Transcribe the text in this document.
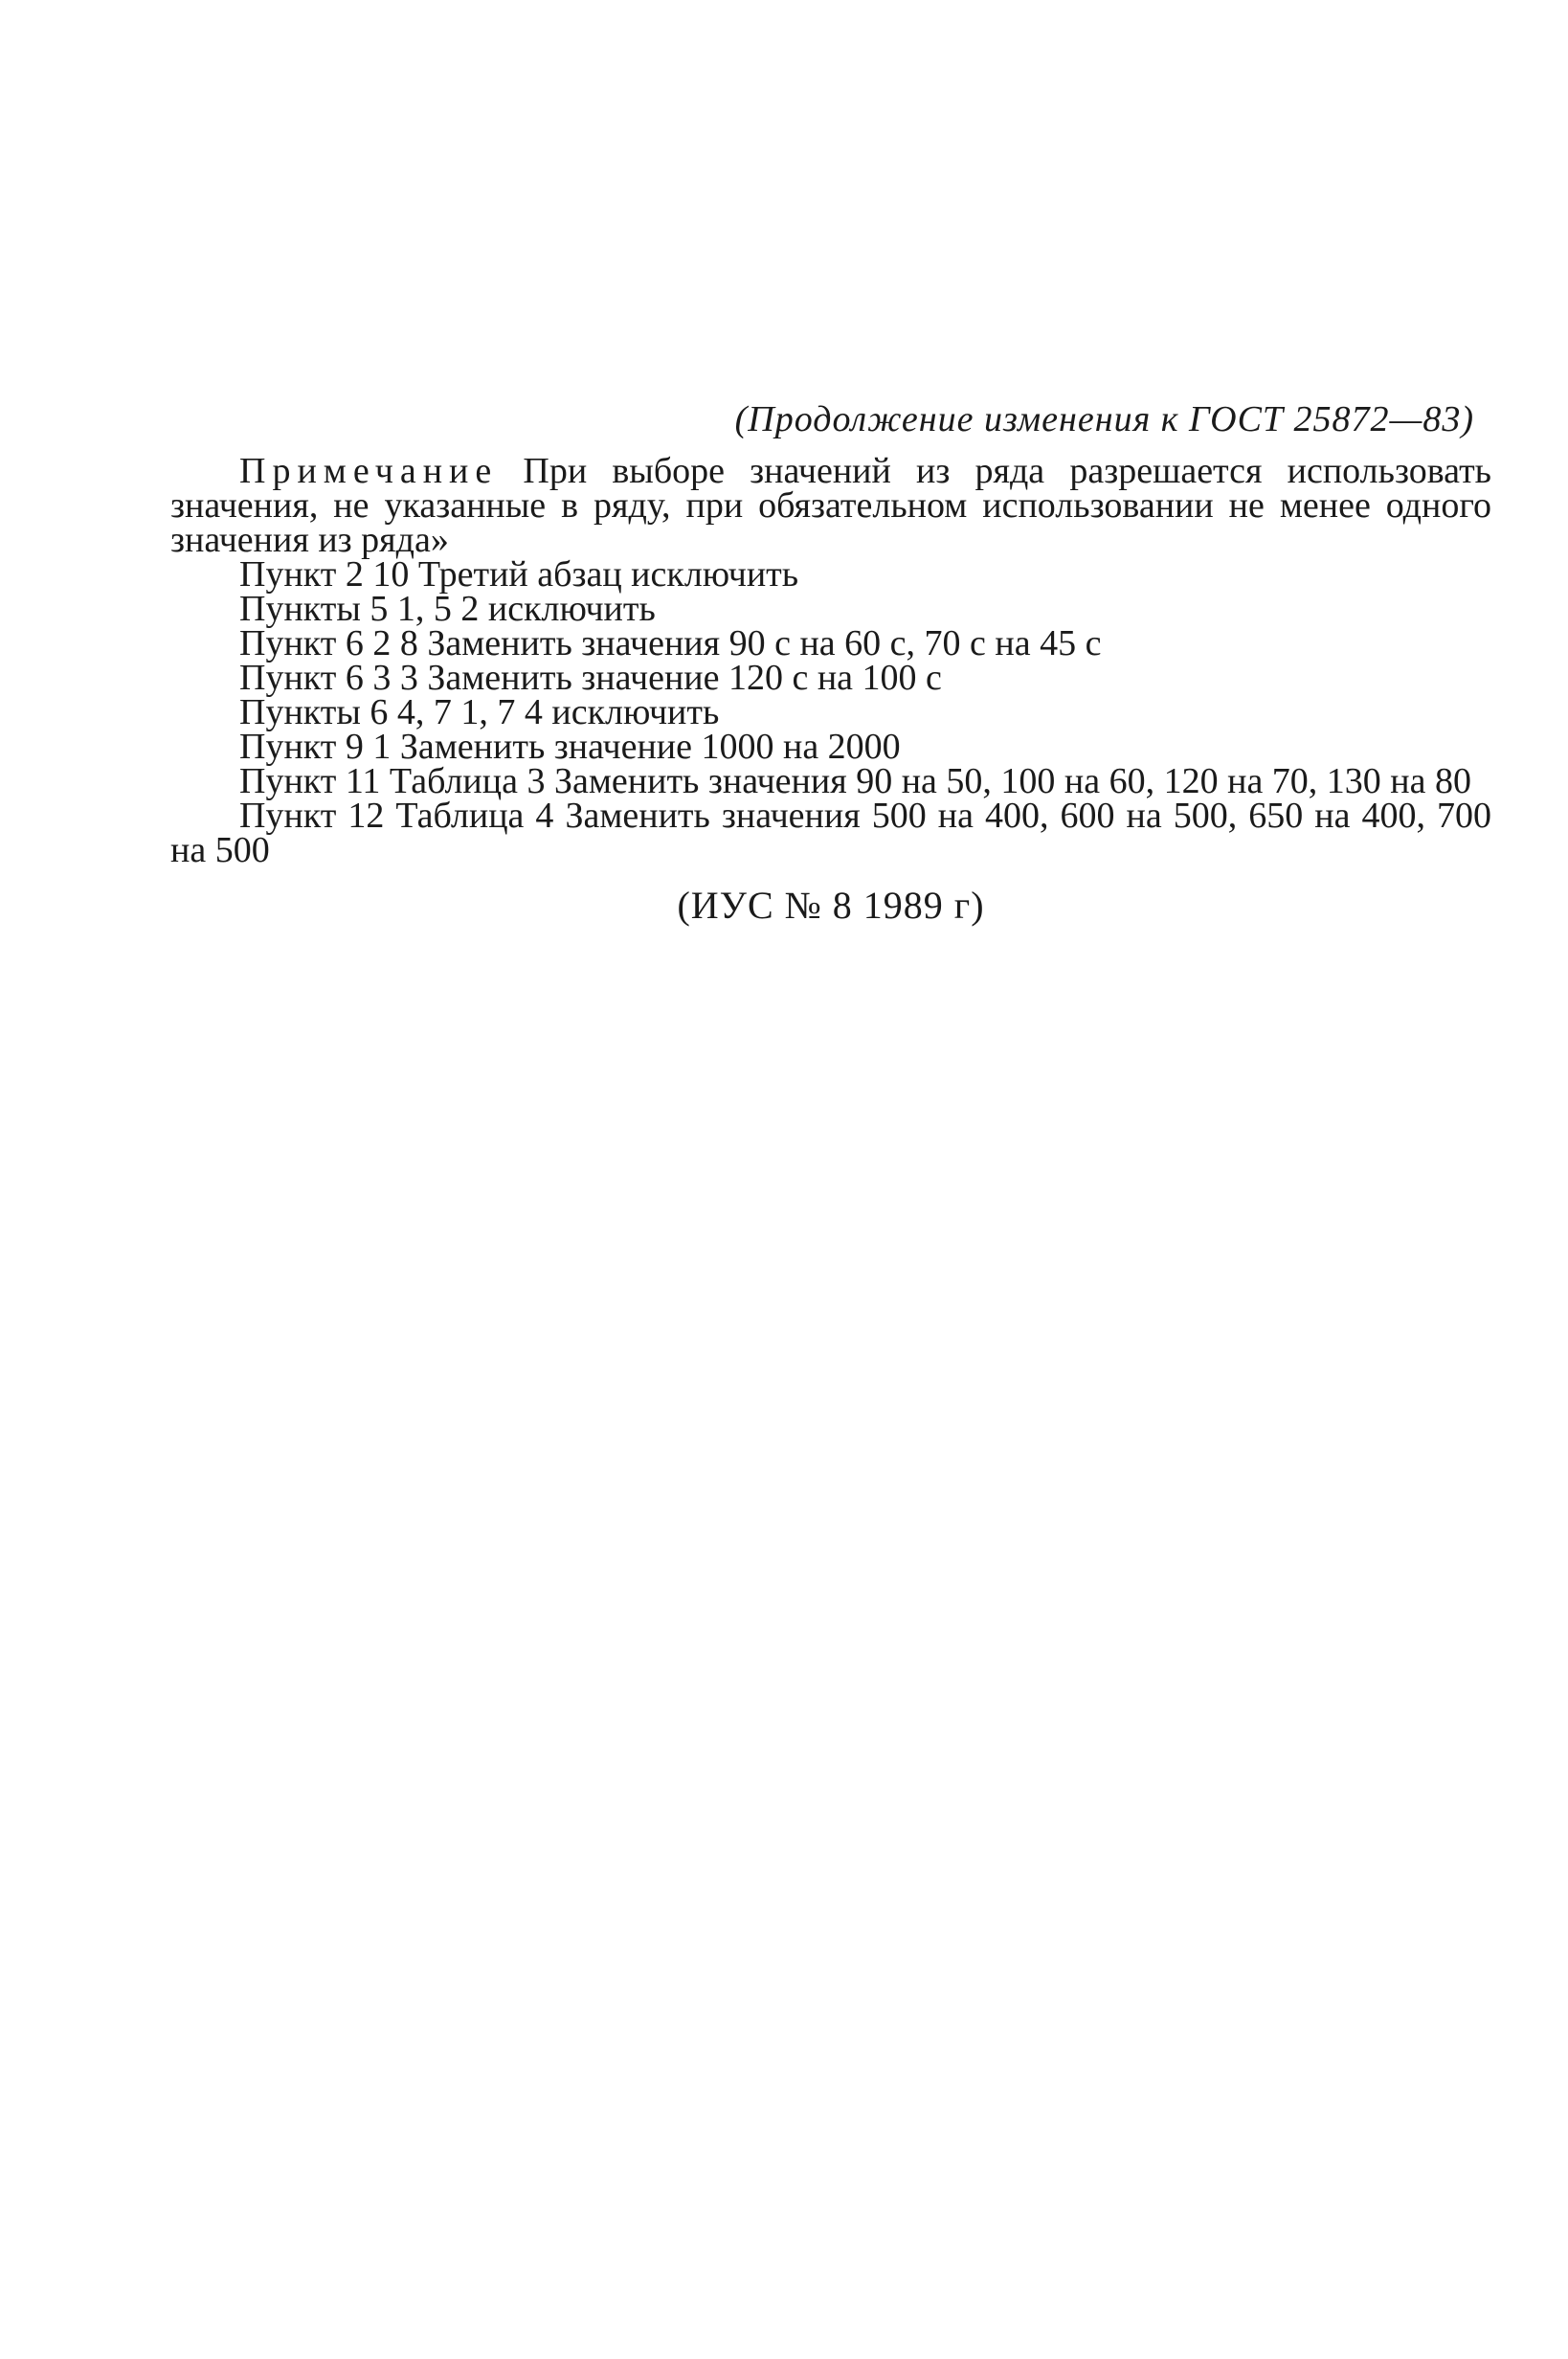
(Продолжение изменения к ГОСТ 25872—83)

Примечание При выборе значений из ряда разрешается использовать значения, не указанные в ряду, при обязательном использовании не менее одного значения из ряда»

Пункт 2 10 Третий абзац исключить

Пункты 5 1, 5 2 исключить

Пункт 6 2 8 Заменить значения 90 с на 60 с, 70 с на 45 с

Пункт 6 3 3 Заменить значение 120 с на 100 с

Пункты 6 4, 7 1, 7 4 исключить

Пункт 9 1 Заменить значение 1000 на 2000

Пункт 11 Таблица 3 Заменить значения 90 на 50, 100 на 60, 120 на 70, 130 на 80

Пункт 12 Таблица 4 Заменить значения 500 на 400, 600 на 500, 650 на 400, 700 на 500

(ИУС № 8 1989 г)
